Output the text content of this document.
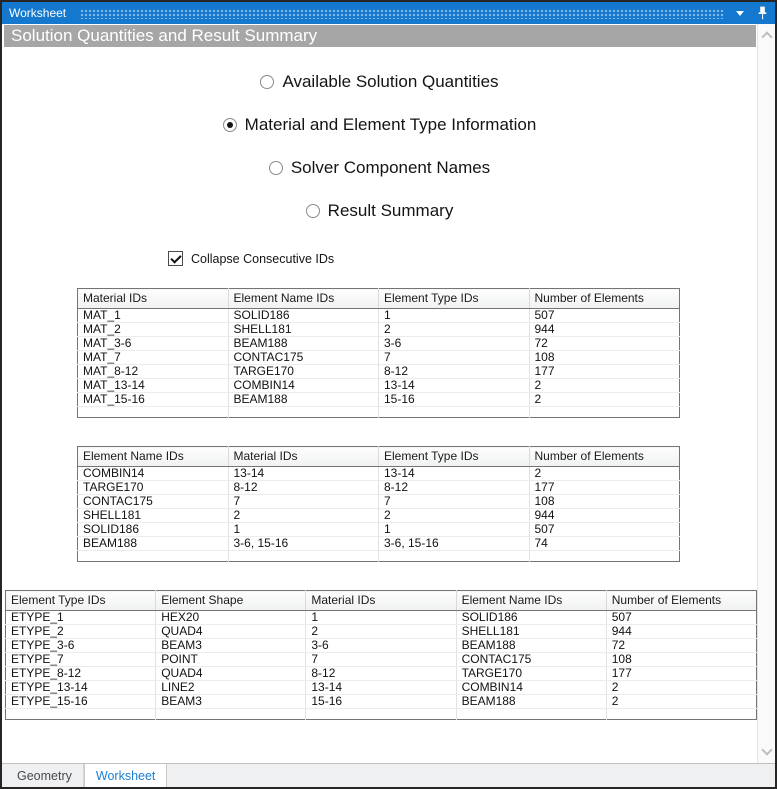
Worksheet
Solution Quantities and Result Summary
Available Solution Quantities
Material and Element Type Information
Solver Component Names
Result Summary
Collapse Consecutive IDs
Material IDs	Element Name IDs	Element Type IDs	Number of Elements
MAT_1	SOLID186	1	507
MAT_2	SHELL181	2	944
MAT_3-6	BEAM188	3-6	72
MAT_7	CONTAC175	7	108
MAT_8-12	TARGE170	8-12	177
MAT_13-14	COMBIN14	13-14	2
MAT_15-16	BEAM188	15-16	2

Element Name IDs	Material IDs	Element Type IDs	Number of Elements
COMBIN14	13-14	13-14	2
TARGE170	8-12	8-12	177
CONTAC175	7	7	108
SHELL181	2	2	944
SOLID186	1	1	507
BEAM188	3-6, 15-16	3-6, 15-16	74

Element Type IDs	Element Shape	Material IDs	Element Name IDs	Number of Elements
ETYPE_1	HEX20	1	SOLID186	507
ETYPE_2	QUAD4	2	SHELL181	944
ETYPE_3-6	BEAM3	3-6	BEAM188	72
ETYPE_7	POINT	7	CONTAC175	108
ETYPE_8-12	QUAD4	8-12	TARGE170	177
ETYPE_13-14	LINE2	13-14	COMBIN14	2
ETYPE_15-16	BEAM3	15-16	BEAM188	2

Geometry Worksheet
